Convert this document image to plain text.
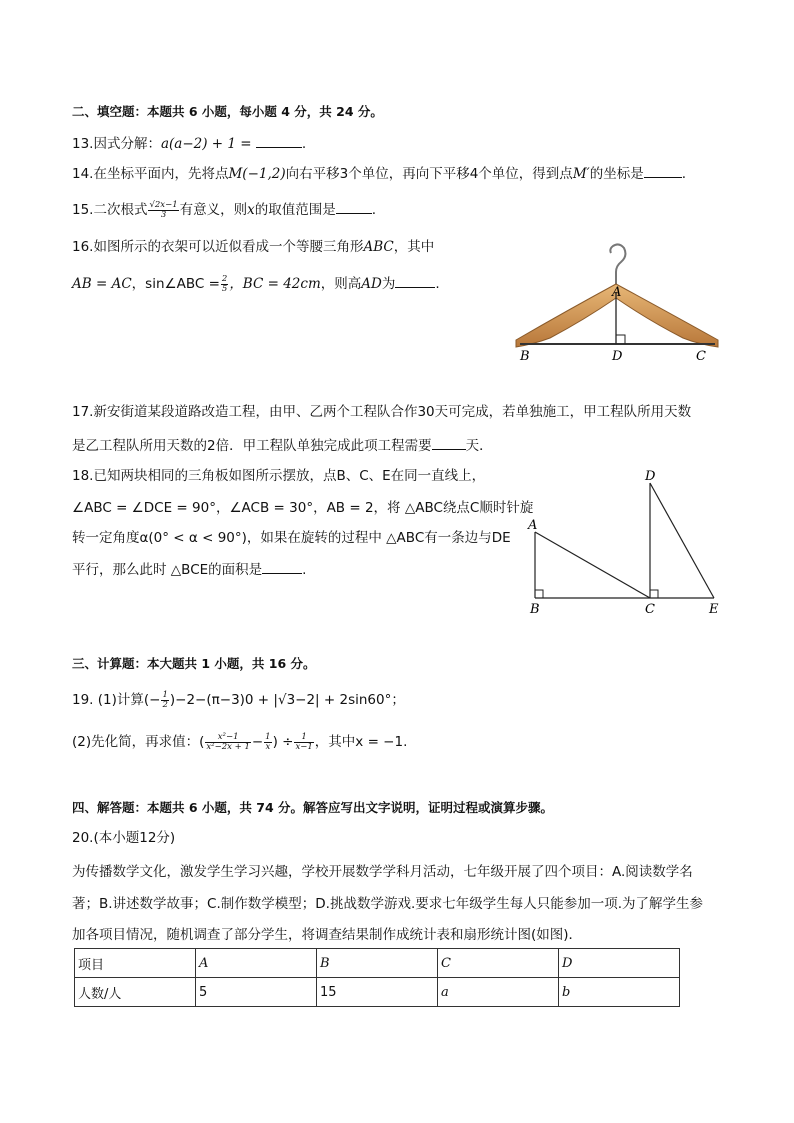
二、填空题：本题共 6 小题，每小题 4 分，共 24 分。
13.因式分解：a(a−2) + 1 =	.
14.在坐标平面内，先将点M(−1,2)向右平移3个单位，再向下平移4个单位，得到点M′的坐标是	.
15.二次根式 $\frac{√2x-1}{3}$ 有意义，则x的取值范围是	.
16.如图所示的衣架可以近似看成一个等腰三角形ABC，其中
AB = AC，sin∠ABC = $\frac{2}{5}$ ，BC = 42cm，则高AD为	.
A
B	D	C
17.新安街道某段道路改造工程，由甲、乙两个工程队合作30天可完成，若单独施工，甲工程队所用天数
是乙工程队所用天数的2倍．甲工程队单独完成此项工程需要	天．
18.已知两块相同的三角板如图所示摆放，点B、C、E在同一直线上，
∠ABC = ∠DCE = 90°，∠ACB = 30°，AB = 2，将 △ABC绕点C顺时针旋
转一定角度α(0° < α < 90°)，如果在旋转的过程中 △ABC有一条边与DE
平行，那么此时 △BCE的面积是	.
A
B	C
D
E
三、计算题：本大题共 1 小题，共 16 分。
19. (1)计算(− $\frac{1}{2} )-2-(\pi-3)0 + |√3-2| + 2\sin 60^\circ$；
(2)先化简，再求值：( $\frac{\text{x²−1}}{\text{x²−2x + 1}} - \frac{1}{x}$ ) ÷ $\frac{1}{x-1}$ ，其中x = −1.
四、解答题：本题共 6 小题，共 74 分。解答应写出文字说明，证明过程或演算步骤。
20.(本小题12分)
为传播数学文化，激发学生学习兴趣，学校开展数学学科月活动，七年级开展了四个项目：A.阅读数学名
著；B.讲述数学故事；C.制作数学模型；D.挑战数学游戏.要求七年级学生每人只能参加一项.为了解学生参
加各项目情况，随机调查了部分学生，将调查结果制作成统计表和扇形统计图(如图)．
项目	A	B	C	D
人数/人	5	15	a	b
